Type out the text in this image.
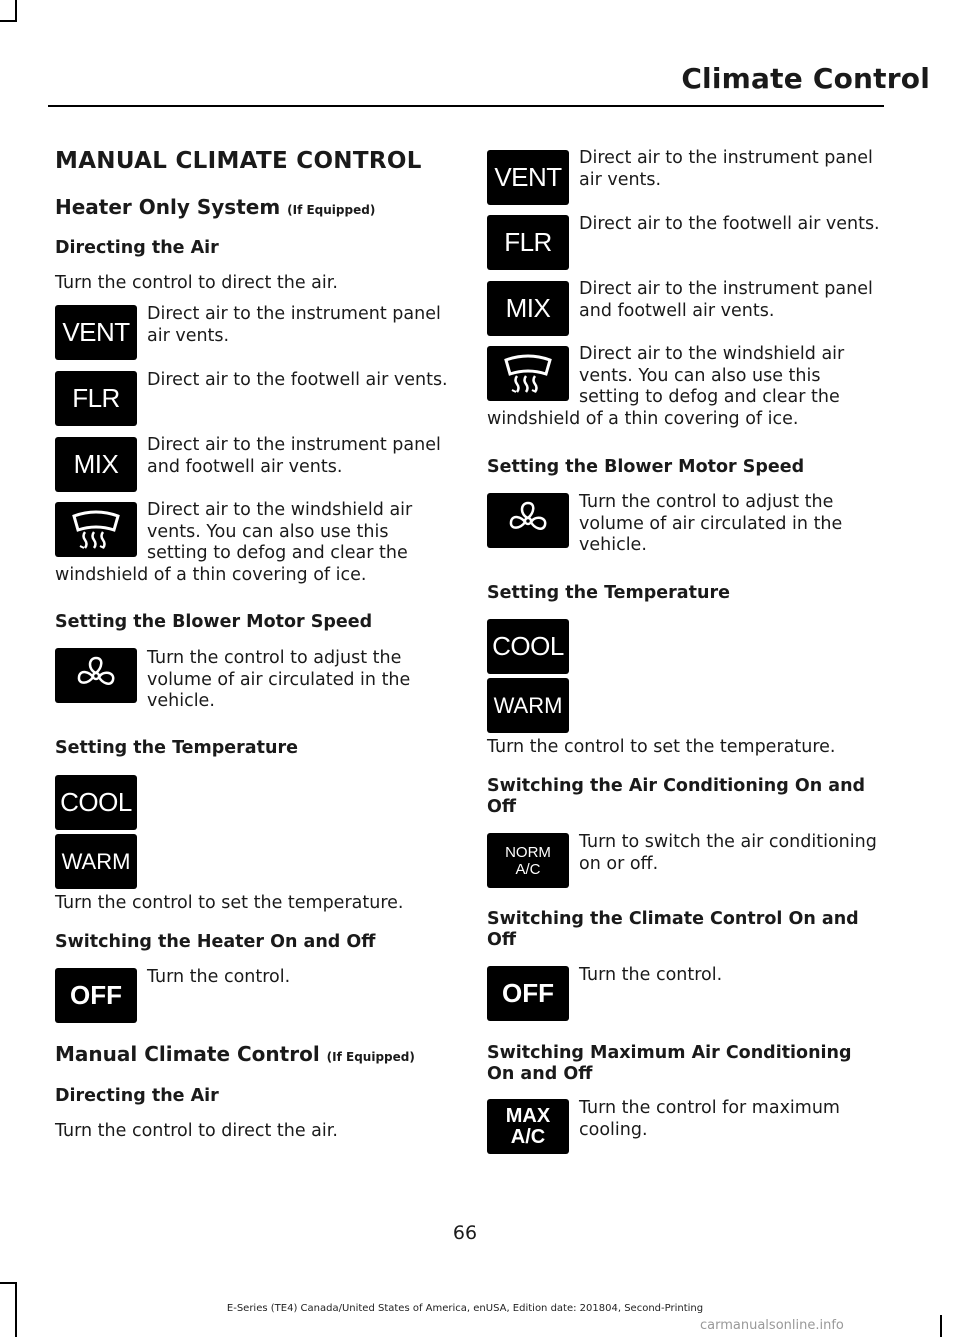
Climate Control
MANUAL CLIMATE CONTROL
Heater Only System (If Equipped)
Directing the Air
Turn the control to direct the air.
VENT
Direct air to the instrument panel air vents.
FLR
Direct air to the footwell air vents.
MIX
Direct air to the instrument panel and footwell air vents.
Direct air to the windshield air vents. You can also use this setting to defog and clear the
windshield of a thin covering of ice.
Setting the Blower Motor Speed
Turn the control to adjust the volume of air circulated in the vehicle.
Setting the Temperature
COOL
WARM
Turn the control to set the temperature.
Switching the Heater On and Off
OFF
Turn the control.
Manual Climate Control (If Equipped)
Directing the Air
Turn the control to direct the air.
VENT
Direct air to the instrument panel air vents.
FLR
Direct air to the footwell air vents.
MIX
Direct air to the instrument panel and footwell air vents.
Direct air to the windshield air vents. You can also use this setting to defog and clear the
windshield of a thin covering of ice.
Setting the Blower Motor Speed
Turn the control to adjust the volume of air circulated in the vehicle.
Setting the Temperature
COOL
WARM
Turn the control to set the temperature.
Switching the Air Conditioning On and Off
NORM
A/C
Turn to switch the air conditioning on or off.
Switching the Climate Control On and Off
OFF
Turn the control.
Switching Maximum Air Conditioning On and Off
MAX
A/C
Turn the control for maximum cooling.
66
E-Series (TE4) Canada/United States of America, enUSA, Edition date: 201804, Second-Printing
carmanualsonline.info
